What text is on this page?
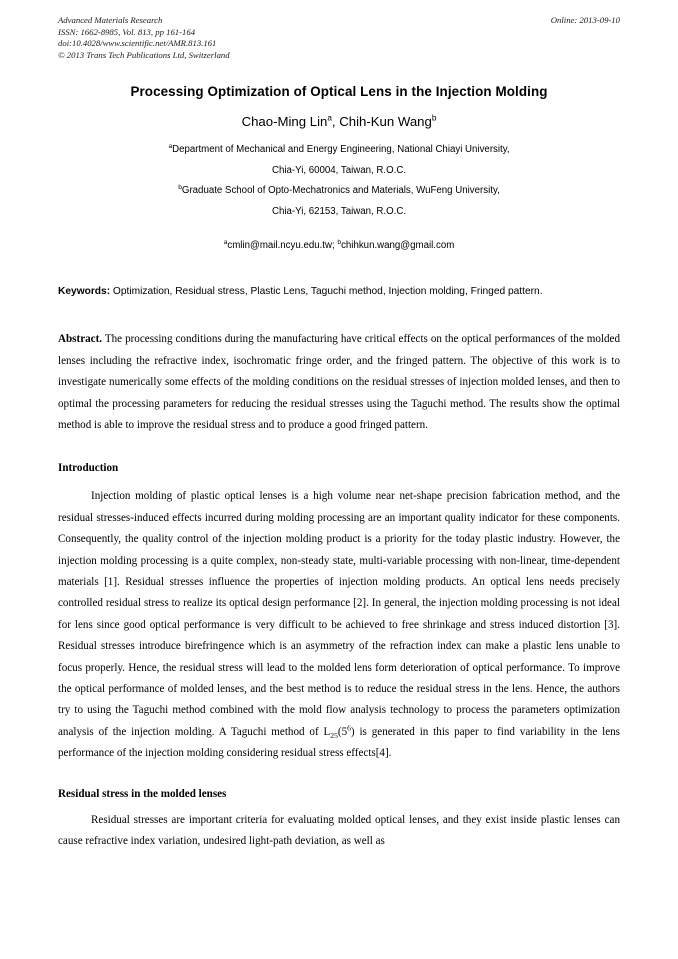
Advanced Materials Research
ISSN: 1662-8985, Vol. 813, pp 161-164
doi:10.4028/www.scientific.net/AMR.813.161
© 2013 Trans Tech Publications Ltd, Switzerland
Online: 2013-09-10
Processing Optimization of Optical Lens in the Injection Molding
Chao-Ming Lin$^a$, Chih-Kun Wang$^b$
$^a$Department of Mechanical and Energy Engineering, National Chiayi University,
Chia-Yi, 60004, Taiwan, R.O.C.
$^b$Graduate School of Opto-Mechatronics and Materials, WuFeng University,
Chia-Yi, 62153, Taiwan, R.O.C.
$^a$cmlin@mail.ncyu.edu.tw; $^b$chihkun.wang@gmail.com
Keywords: Optimization, Residual stress, Plastic Lens, Taguchi method, Injection molding, Fringed pattern.
Abstract. The processing conditions during the manufacturing have critical effects on the optical performances of the molded lenses including the refractive index, isochromatic fringe order, and the fringed pattern. The objective of this work is to investigate numerically some effects of the molding conditions on the residual stresses of injection molded lenses, and then to optimal the processing parameters for reducing the residual stresses using the Taguchi method. The results show the optimal method is able to improve the residual stress and to produce a good fringed pattern.
Introduction

Injection molding of plastic optical lenses is a high volume near net-shape precision fabrication method, and the residual stresses-induced effects incurred during molding processing are an important quality indicator for these components. Consequently, the quality control of the injection molding product is a priority for the today plastic industry. However, the injection molding processing is a quite complex, non-steady state, multi-variable processing with non-linear, time-dependent materials [1]. Residual stresses influence the properties of injection molding products. An optical lens needs precisely controlled residual stress to realize its optical design performance [2]. In general, the injection molding processing is not ideal for lens since good optical performance is very difficult to be achieved to free shrinkage and stress induced distortion [3]. Residual stresses introduce birefringence which is an asymmetry of the refraction index can make a plastic lens unable to focus properly. Hence, the residual stress will lead to the molded lens form deterioration of optical performance. To improve the optical performance of molded lenses, and the best method is to reduce the residual stress in the lens. Hence, the authors try to using the Taguchi method combined with the mold flow analysis technology to process the parameters optimization analysis of the injection molding. A Taguchi method of $L_{25}(5^6)$ is generated in this paper to find variability in the lens performance of the injection molding considering residual stress effects[4].

Residual stress in the molded lenses

Residual stresses are important criteria for evaluating molded optical lenses, and they exist inside plastic lenses can cause refractive index variation, undesired light-path deviation, as well as
